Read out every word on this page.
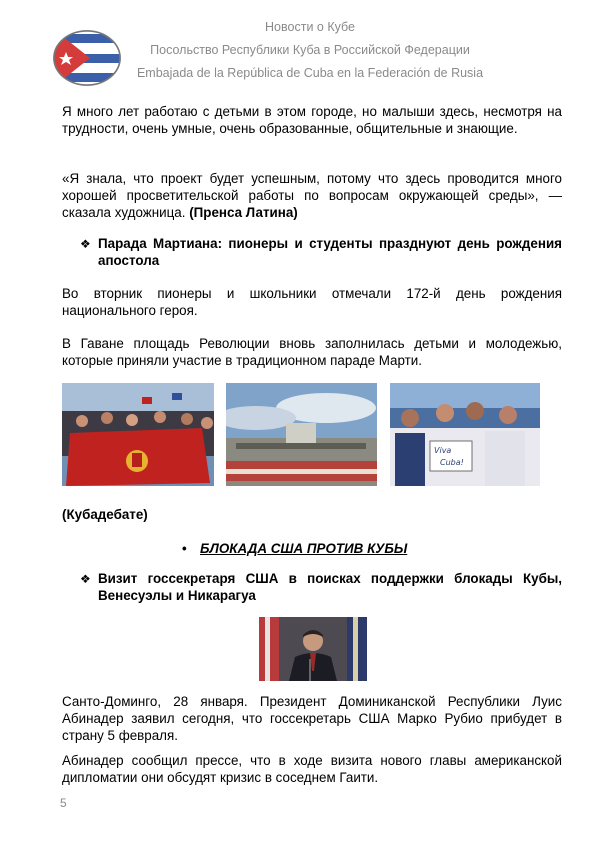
Новости о Кубе
Посольство Республики Куба в Российской Федерации
Embajada de la República de Cuba en la Federación de Rusia
Я много лет работаю с детьми в этом городе, но малыши здесь, несмотря на трудности, очень умные, очень образованные, общительные и знающие.
«Я знала, что проект будет успешным, потому что здесь проводится много хорошей просветительской работы по вопросам окружающей среды», — сказала художница. (Пренса Латина)
❖ Парада Мартиана: пионеры и студенты празднуют день рождения апостола
Во вторник пионеры и школьники отмечали 172-й день рождения национального героя.
В Гаване площадь Революции вновь заполнилась детьми и молодежью, которые приняли участие в традиционном параде Марти.
Viva
Cuba!
(Кубадебате)
• БЛОКАДА США ПРОТИВ КУБЫ
❖ Визит госсекретаря США в поисках поддержки блокады Кубы, Венесуэлы и Никарагуа
Санто-Доминго, 28 января. Президент Доминиканской Республики Луис Абинадер заявил сегодня, что госсекретарь США Марко Рубио прибудет в страну 5 февраля.
Абинадер сообщил прессе, что в ходе визита нового главы американской дипломатии они обсудят кризис в соседнем Гаити.
5
